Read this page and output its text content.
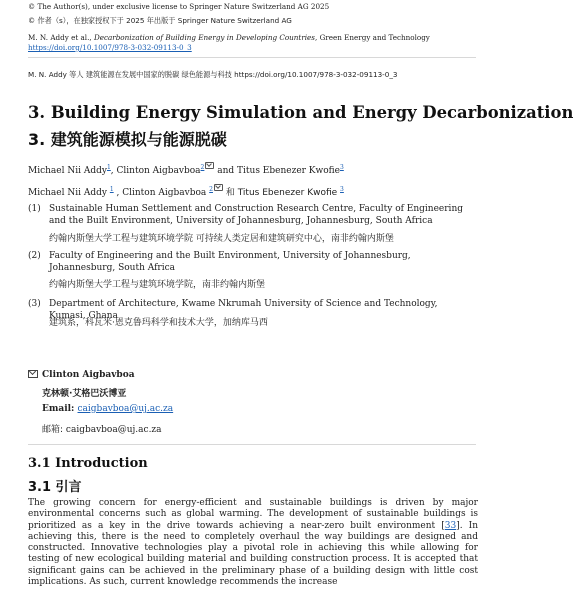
© The Author(s), under exclusive license to Springer Nature Switzerland AG 2025
© 作者（s），在独家授权下于 2025 年出版于 Springer Nature Switzerland AG
M. N. Addy et al., Decarbonization of Building Energy in Developing Countries, Green Energy and Technology
https://doi.org/10.1007/978-3-032-09113-0_3
M. N. Addy 等人 建筑能源在发展中国家的脱碳 绿色能源与科技 https://doi.org/10.1007/978-3-032-09113-0_3
3. Building Energy Simulation and Energy Decarbonization
3. 建筑能源模拟与能源脱碳
Michael Nii Addy$^1$, Clinton Aigbavboa$^2$ and Titus Ebenezer Kwofie$^3$
Michael Nii Addy $^1$ , Clinton Aigbavboa $^2$ 和 Titus Ebenezer Kwofie $^3$
(1) Sustainable Human Settlement and Construction Research Centre, Faculty of Engineering and the Built Environment, University of Johannesburg, Johannesburg, South Africa
约翰内斯堡大学工程与建筑环境学院 可持续人类定居和建筑研究中心，南非约翰内斯堡
(2) Faculty of Engineering and the Built Environment, University of Johannesburg, Johannesburg, South Africa
约翰内斯堡大学工程与建筑环境学院，南非约翰内斯堡
(3) Department of Architecture, Kwame Nkrumah University of Science and Technology, Kumasi, Ghana
建筑系，科瓦米·恩克鲁玛科学和技术大学，加纳库马西
Clinton Aigbavboa
克林顿·艾格巴沃博亚
Email: caigbavboa@uj.ac.za
邮箱: caigbavboa@uj.ac.za
3.1 Introduction
3.1 引言
The growing concern for energy-efficient and sustainable buildings is driven by major environmental concerns such as global warming. The development of sustainable buildings is prioritized as a key in the drive towards achieving a near-zero built environment [33]. In achieving this, there is the need to completely overhaul the way buildings are designed and constructed. Innovative technologies play a pivotal role in achieving this while allowing for testing of new ecological building material and building construction process. It is accepted that significant gains can be achieved in the preliminary phase of a building design with little cost implications. As such, current knowledge recommends the increase
